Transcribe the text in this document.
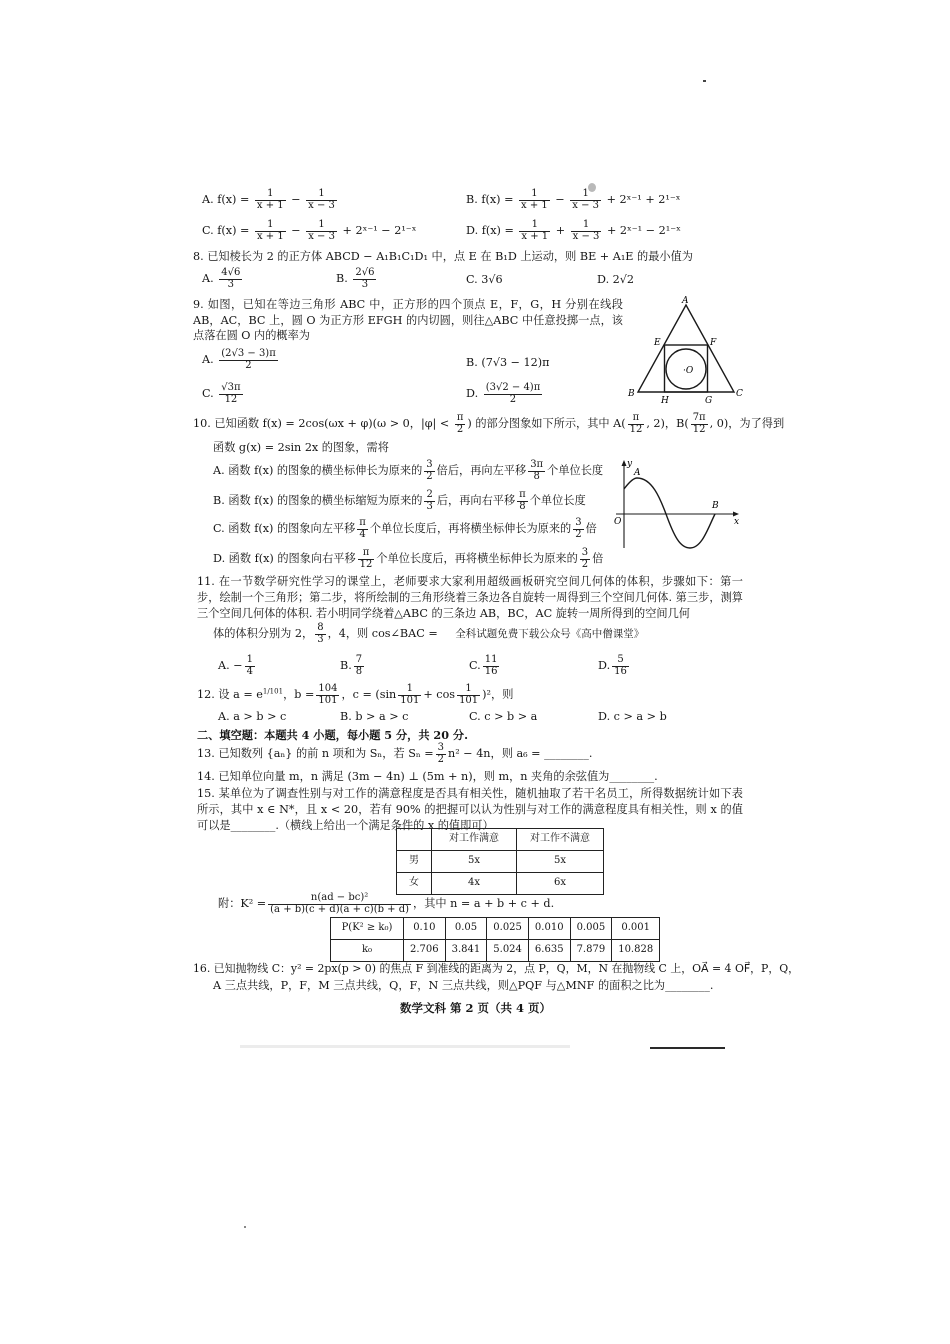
A. $f(x) = \frac{1}{x + 1} - \frac{1}{x - 3}$	B. $f(x) = \frac{1}{x + 1} - \frac{1}{x - 3}$ + 2ˣ⁻¹ + 2¹⁻ˣ
C. $f(x) = \frac{1}{x + 1} - \frac{1}{x - 3}$ + 2ˣ⁻¹ − 2¹⁻ˣ	D. $f(x) = \frac{1}{x + 1} + \frac{1}{x - 3}$ + 2ˣ⁻¹ − 2¹⁻ˣ
8. 已知棱长为 2 的正方体 ABCD − A₁B₁C₁D₁ 中，点 E 在 B₁D 上运动，则 BE + A₁E 的最小值为
A. $\frac{4√6}{3}$	B. $\frac{2√6}{3}$	C. 3√6	D. 2√2
9. 如图，已知在等边三角形 ABC 中，正方形的四个顶点 E，F，G，H 分别在线段 AB，AC，BC 上，圆 O 为正方形 EFGH 的内切圆，则往△ABC 中任意投掷一点，该点落在圆 O 内的概率为
A. $\frac{(2√3 - 3)\pi}{2}$	B. (7√3 − 12)π
C. $\frac{√3\pi}{12}$	D. $\frac{(3√2 - 4)\pi}{2}$
A
E	F
·O
B	C
H	G
10. 已知函数 f(x) = 2cos(ωx + φ)(ω > 0，$|\varphi| < \frac{\pi}{2}$ ) 的部分图象如下所示，其中 $A( \frac{\pi}{12}$ , 2)，$B( \frac{7\pi}{12}$ , 0)，为了得到
函数 g(x) = 2sin 2x 的图象，需将
A. 函数 f(x) 的图象的横坐标伸长为原来的 $\frac{3}{2}$ 倍后，再向左平移 $\frac{3\pi}{8}$ 个单位长度
B. 函数 f(x) 的图象的横坐标缩短为原来的 $\frac{2}{3}$ 后，再向右平移 $\frac{\pi}{8}$ 个单位长度
C. 函数 f(x) 的图象向左平移 $\frac{\pi}{4}$ 个单位长度后，再将横坐标伸长为原来的 $\frac{3}{2}$ 倍
D. 函数 f(x) 的图象向右平移 $\frac{\pi}{12}$ 个单位长度后，再将横坐标伸长为原来的 $\frac{3}{2}$ 倍
y
x
O
A
B
11. 在一节数学研究性学习的课堂上，老师要求大家利用超级画板研究空间几何体的体积，步骤如下：第一步，绘制一个三角形；第二步，将所绘制的三角形绕着三条边各自旋转一周得到三个空间几何体. 第三步，测算三个空间几何体的体积. 若小明同学绕着△ABC 的三条边 AB，BC，AC 旋转一周所得到的空间几何
体的体积分别为 2， $\frac{8}{3}$ ，4，则 cos∠BAC = 全科试题免费下载公众号《高中僧课堂》
A. − $\frac{1}{4}$	B. $\frac{7}{8}$	C. $\frac{11}{16}$	D. $\frac{5}{16}$
12. 设 $a = e^{1/101}$，$b = \frac{104}{101}$ ，$c = (\sin \frac{1}{101} + \cos \frac{1}{101} )^2$，则
A. a > b > c	B. b > a > c	C. c > b > a	D. c > a > b
二、填空题：本题共 4 小题，每小题 5 分，共 20 分.
13. 已知数列 {aₙ} 的前 n 项和为 Sₙ，若 $S_n = \frac{3}{2} n^2 - 4n$，则 a₆ = ________.
14. 已知单位向量 m，n 满足 (3m − 4n) ⊥ (5m + n)，则 m，n 夹角的余弦值为________.
15. 某单位为了调查性别与对工作的满意程度是否具有相关性，随机抽取了若干名员工，所得数据统计如下表所示，其中 x ∈ N*，且 x < 20，若有 90% 的把握可以认为性别与对工作的满意程度具有相关性，则 x 的值可以是________.（横线上给出一个满足条件的 x 的值即可）
	对工作满意	对工作不满意
男	5x	5x
女	4x	6x
附：$K^2 = \frac{\text{n(ad − bc)²}}{(a + b)(c + d)(a + c)(b + d)}$ ，其中 n = a + b + c + d.
P(K² ≥ k₀)	0.10	0.05	0.025	0.010	0.005	0.001
k₀	2.706	3.841	5.024	6.635	7.879	10.828
16. 已知抛物线 C：y² = 2px(p > 0) 的焦点 F 到准线的距离为 2，点 P，Q，M，N 在抛物线 C 上，OA⃗ = 4 OF⃗，P，Q，
A 三点共线，P，F，M 三点共线，Q，F，N 三点共线，则△PQF 与△MNF 的面积之比为________.
数学文科 第 2 页（共 4 页）
